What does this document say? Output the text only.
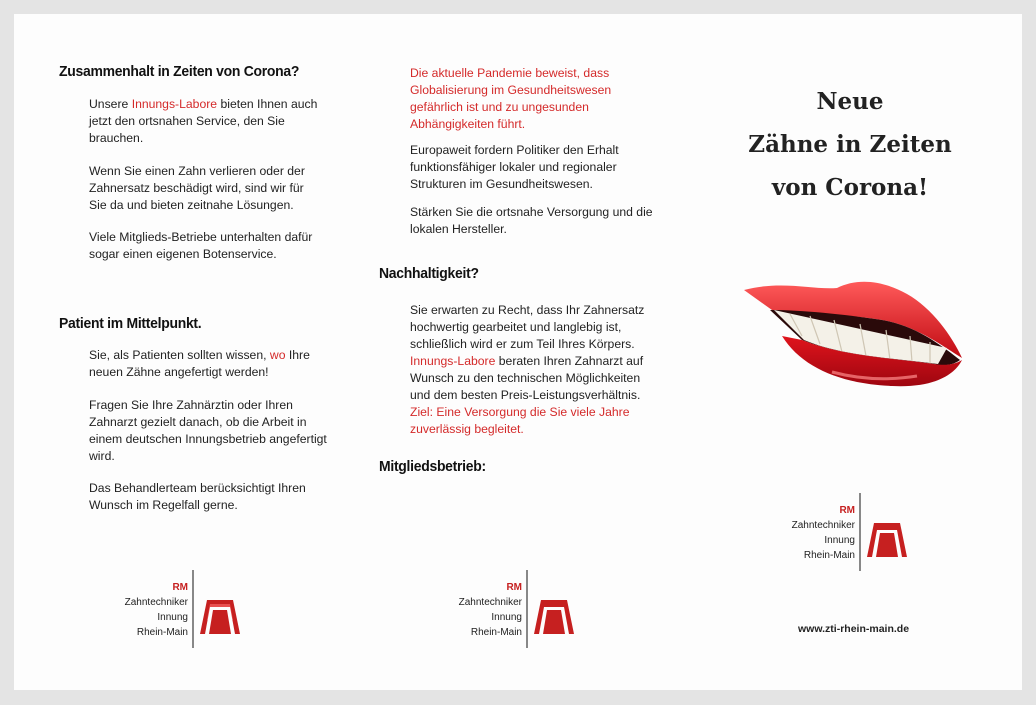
Zusammenhalt in Zeiten von Corona?
Unsere Innungs-Labore bieten Ihnen auch jetzt den ortsnahen Service, den Sie brauchen.
Wenn Sie einen Zahn verlieren oder der Zahnersatz beschädigt wird, sind wir für Sie da und bieten zeitnahe Lösungen.
Viele Mitglieds-Betriebe unterhalten dafür sogar einen eigenen Botenservice.
Patient im Mittelpunkt.
Sie, als Patienten sollten wissen, wo Ihre neuen Zähne angefertigt werden!
Fragen Sie Ihre Zahnärztin oder Ihren Zahnarzt gezielt danach, ob die Arbeit in einem deutschen Innungsbetrieb angefertigt wird.
Das Behandlerteam berücksichtigt Ihren Wunsch im Regelfall gerne.
RM
Zahntechniker
Innung
Rhein-Main
Die aktuelle Pandemie beweist, dass Globalisierung im Gesundheitswesen gefährlich ist und zu ungesunden Abhängigkeiten führt.
Europaweit fordern Politiker den Erhalt funktionsfähiger lokaler und regionaler Strukturen im Gesundheitswesen.
Stärken Sie die ortsnahe Versorgung und die lokalen Hersteller.
Nachhaltigkeit?
Sie erwarten zu Recht, dass Ihr Zahnersatz hochwertig gearbeitet und langlebig ist, schließlich wird er zum Teil Ihres Körpers. Innungs-Labore beraten Ihren Zahnarzt auf Wunsch zu den technischen Möglichkeiten und dem besten Preis-Leistungsverhältnis. Ziel: Eine Versorgung die Sie viele Jahre zuverlässig begleitet.
Mitgliedsbetrieb:
RM
Zahntechniker
Innung
Rhein-Main
Neue
Zähne in Zeiten
von Corona!
RM
Zahntechniker
Innung
Rhein-Main
www.zti-rhein-main.de
